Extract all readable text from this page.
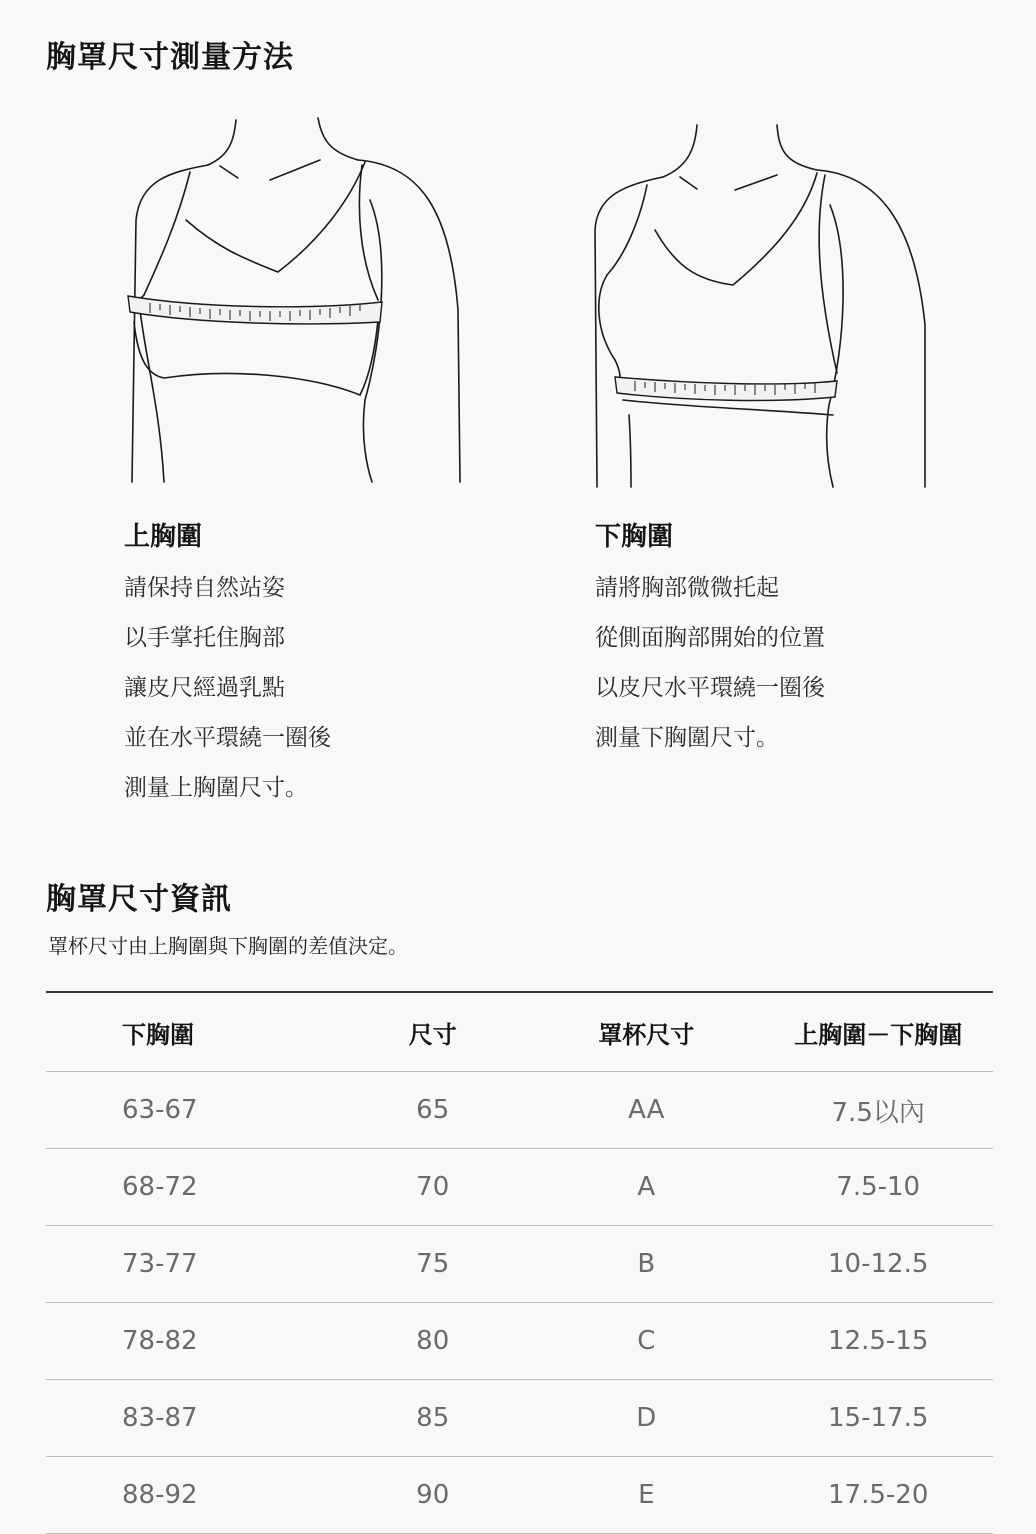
胸罩尺寸測量方法
上胸圍
請保持自然站姿
以手掌托住胸部
讓皮尺經過乳點
並在水平環繞一圈後
測量上胸圍尺寸。
下胸圍
請將胸部微微托起
從側面胸部開始的位置
以皮尺水平環繞一圈後
測量下胸圍尺寸。
胸罩尺寸資訊
罩杯尺寸由上胸圍與下胸圍的差值決定。
下胸圍	尺寸	罩杯尺寸	上胸圍－下胸圍
63-67	65	AA	7.5以內
68-72	70	A	7.5-10
73-77	75	B	10-12.5
78-82	80	C	12.5-15
83-87	85	D	15-17.5
88-92	90	E	17.5-20
